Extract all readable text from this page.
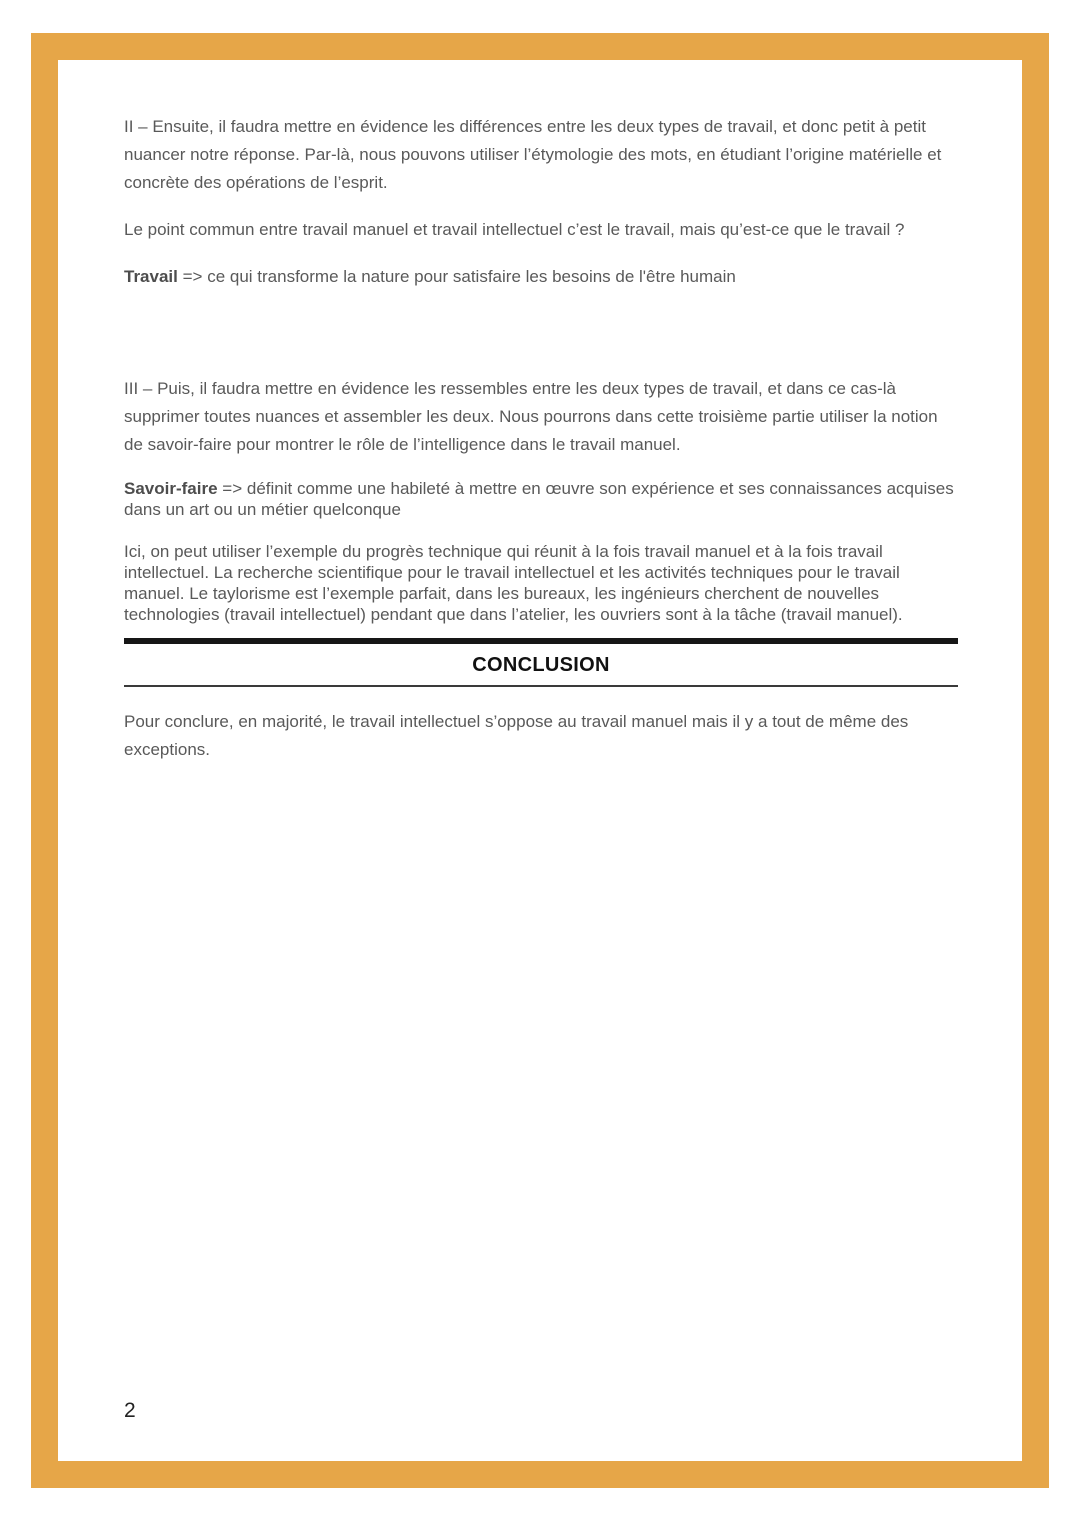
II – Ensuite, il faudra mettre en évidence les différences entre les deux types de travail, et donc petit à petit nuancer notre réponse. Par-là, nous pouvons utiliser l’étymologie des mots, en étudiant l’origine matérielle et concrète des opérations de l’esprit.

Le point commun entre travail manuel et travail intellectuel c’est le travail, mais qu’est-ce que le travail ?

Travail => ce qui transforme la nature pour satisfaire les besoins de l'être humain

III – Puis, il faudra mettre en évidence les ressembles entre les deux types de travail, et dans ce cas-là supprimer toutes nuances et assembler les deux. Nous pourrons dans cette troisième partie utiliser la notion de savoir-faire pour montrer le rôle de l’intelligence dans le travail manuel.

Savoir-faire => définit comme une habileté à mettre en œuvre son expérience et ses connaissances acquises dans un art ou un métier quelconque

Ici, on peut utiliser l’exemple du progrès technique qui réunit à la fois travail manuel et à la fois travail intellectuel. La recherche scientifique pour le travail intellectuel et les activités techniques pour le travail manuel. Le taylorisme est l’exemple parfait, dans les bureaux, les ingénieurs cherchent de nouvelles technologies (travail intellectuel) pendant que dans l’atelier, les ouvriers sont à la tâche (travail manuel).

CONCLUSION

Pour conclure, en majorité, le travail intellectuel s’oppose au travail manuel mais il y a tout de même des exceptions.

2
